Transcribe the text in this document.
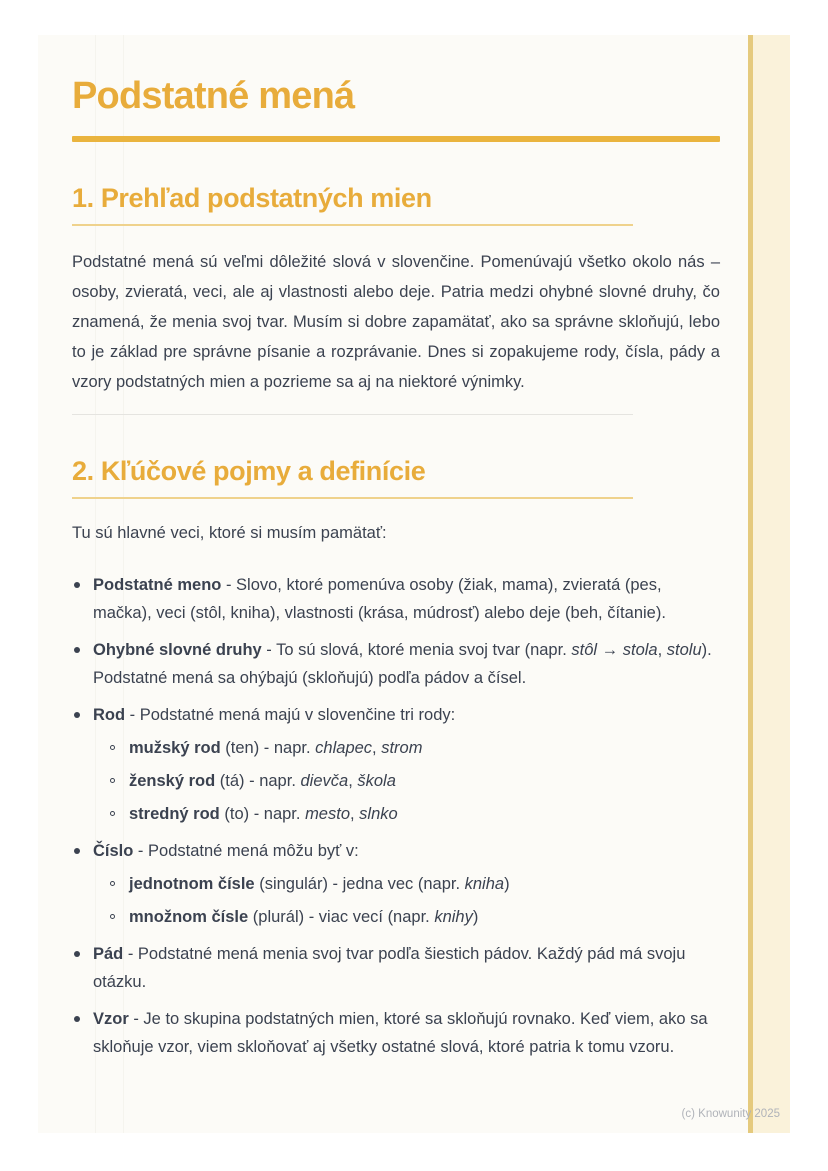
Podstatné mená
1. Prehľad podstatných mien

Podstatné mená sú veľmi dôležité slová v slovenčine. Pomenúvajú všetko okolo nás – osoby, zvieratá, veci, ale aj vlastnosti alebo deje. Patria medzi ohybné slovné druhy, čo znamená, že menia svoj tvar. Musím si dobre zapamätať, ako sa správne skloňujú, lebo to je základ pre správne písanie a rozprávanie. Dnes si zopakujeme rody, čísla, pády a vzory podstatných mien a pozrieme sa aj na niektoré výnimky.

2. Kľúčové pojmy a definície

Tu sú hlavné veci, ktoré si musím pamätať:

Podstatné meno - Slovo, ktoré pomenúva osoby (žiak, mama), zvieratá (pes, mačka), veci (stôl, kniha), vlastnosti (krása, múdrosť) alebo deje (beh, čítanie).
Ohybné slovné druhy - To sú slová, ktoré menia svoj tvar (napr. stôl → stola, stolu). Podstatné mená sa ohýbajú (skloňujú) podľa pádov a čísel.
Rod - Podstatné mená majú v slovenčine tri rody:
mužský rod (ten) - napr. chlapec, strom
ženský rod (tá) - napr. dievča, škola
stredný rod (to) - napr. mesto, slnko
Číslo - Podstatné mená môžu byť v:
jednotnom čísle (singulár) - jedna vec (napr. kniha)
množnom čísle (plurál) - viac vecí (napr. knihy)
Pád - Podstatné mená menia svoj tvar podľa šiestich pádov. Každý pád má svoju otázku.
Vzor - Je to skupina podstatných mien, ktoré sa skloňujú rovnako. Keď viem, ako sa skloňuje vzor, viem skloňovať aj všetky ostatné slová, ktoré patria k tomu vzoru.
(c) Knowunity 2025
